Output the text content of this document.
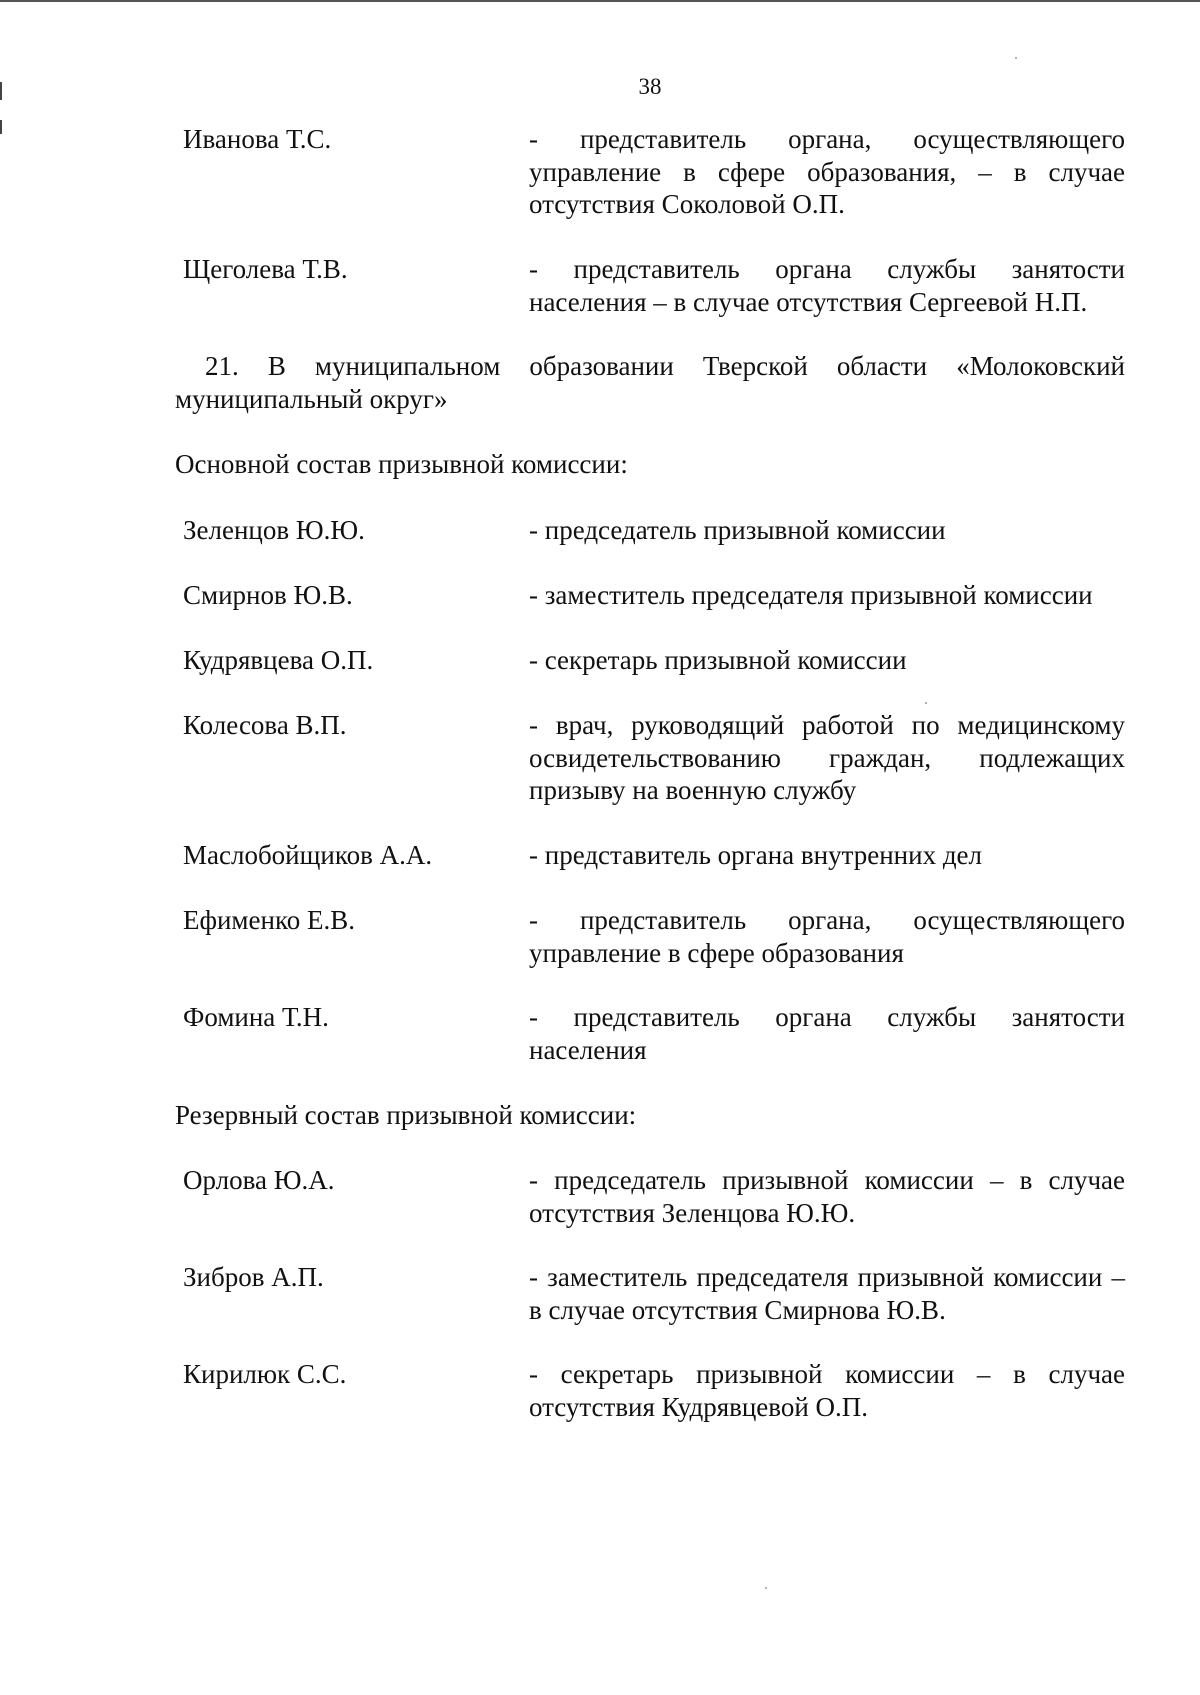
38
Иванова Т.С.	- представитель органа, осуществляющего управление в сфере образования, – в случае отсутствия Соколовой О.П.
Щеголева Т.В.	- представитель органа службы занятости населения – в случае отсутствия Сергеевой Н.П.
21. В муниципальном образовании Тверской области «Молоковский муниципальный округ»
Основной состав призывной комиссии:
Зеленцов Ю.Ю.	- председатель призывной комиссии
Смирнов Ю.В.	- заместитель председателя призывной комиссии
Кудрявцева О.П.	- секретарь призывной комиссии
Колесова В.П.	- врач, руководящий работой по медицинскому освидетельствованию граждан, подлежащих призыву на военную службу
Маслобойщиков А.А.	- представитель органа внутренних дел
Ефименко Е.В.	- представитель органа, осуществляющего управление в сфере образования
Фомина Т.Н.	- представитель органа службы занятости населения
Резервный состав призывной комиссии:
Орлова Ю.А.	- председатель призывной комиссии – в случае отсутствия Зеленцова Ю.Ю.
Зибров А.П.	- заместитель председателя призывной комиссии – в случае отсутствия Смирнова Ю.В.
Кирилюк С.С.	- секретарь призывной комиссии – в случае отсутствия Кудрявцевой О.П.
